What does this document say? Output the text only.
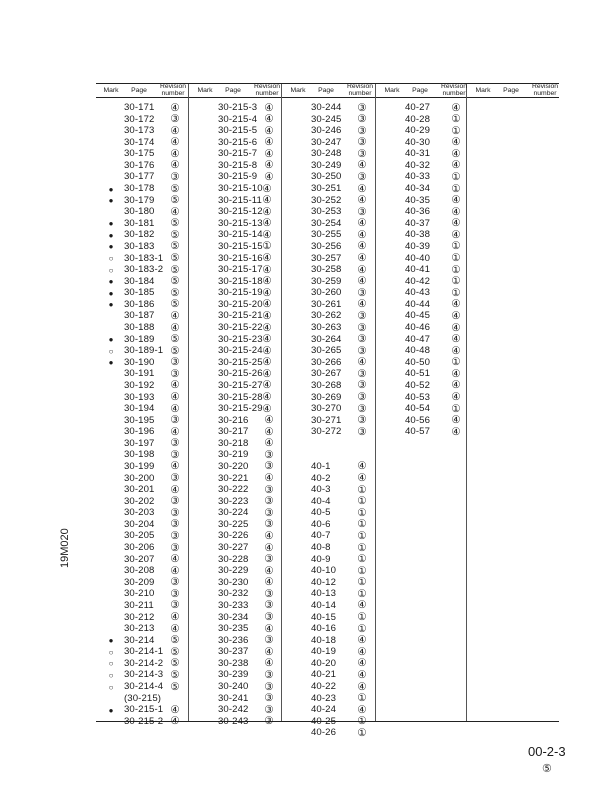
Mark	Page
Revision
number
30-171 ④
30-172 ③
30-173 ④
30-174 ④
30-175 ④
30-176 ④
30-177 ③
● 30-178 ⑤
● 30-179 ⑤
30-180 ④
● 30-181 ⑤
● 30-182 ⑤
● 30-183 ⑤
○ 30-183-1 ⑤
○ 30-183-2 ⑤
● 30-184 ⑤
● 30-185 ⑤
● 30-186 ⑤
30-187 ④
30-188 ④
● 30-189 ⑤
○ 30-189-1 ⑤
● 30-190 ③
30-191 ③
30-192 ④
30-193 ④
30-194 ④
30-195 ③
30-196 ④
30-197 ③
30-198 ③
30-199 ④
30-200 ③
30-201 ④
30-202 ③
30-203 ③
30-204 ③
30-205 ③
30-206 ③
30-207 ④
30-208 ④
30-209 ③
30-210 ③
30-211 ③
30-212 ④
30-213 ④
● 30-214 ⑤
○ 30-214-1 ⑤
○ 30-214-2 ⑤
○ 30-214-3 ⑤
○ 30-214-4 ⑤
(30-215)
● 30-215-1 ④
30-215-2 ④
Mark	Page
Revision
number
30-215-3 ④
30-215-4 ④
30-215-5 ④
30-215-6 ④
30-215-7 ④
30-215-8 ④
30-215-9 ④
30-215-10 ④
30-215-11 ④
30-215-12 ④
30-215-13 ④
30-215-14 ④
30-215-15 ①
30-215-16 ④
30-215-17 ④
30-215-18 ④
30-215-19 ④
30-215-20 ④
30-215-21 ④
30-215-22 ④
30-215-23 ④
30-215-24 ④
30-215-25 ④
30-215-26 ④
30-215-27 ④
30-215-28 ④
30-215-29 ④
30-216 ④
30-217 ④
30-218 ④
30-219 ③
30-220 ③
30-221 ④
30-222 ③
30-223 ③
30-224 ③
30-225 ③
30-226 ④
30-227 ④
30-228 ③
30-229 ④
30-230 ④
30-232 ③
30-233 ③
30-234 ③
30-235 ④
30-236 ③
30-237 ④
30-238 ④
30-239 ③
30-240 ③
30-241 ③
30-242 ③
30-243 ③
Mark	Page
Revision
number
30-244 ③
30-245 ③
30-246 ③
30-247 ③
30-248 ③
30-249 ④
30-250 ③
30-251 ④
30-252 ④
30-253 ③
30-254 ④
30-255 ④
30-256 ④
30-257 ④
30-258 ④
30-259 ④
30-260 ③
30-261 ④
30-262 ③
30-263 ③
30-264 ③
30-265 ③
30-266 ④
30-267 ③
30-268 ③
30-269 ③
30-270 ③
30-271 ③
30-272 ③
40-1	④
40-2	④
40-3	①
40-4	①
40-5	①
40-6	①
40-7	①
40-8	①
40-9	①
40-10 ①
40-12 ①
40-13 ①
40-14 ④
40-15 ①
40-16 ①
40-18 ④
40-19 ④
40-20 ④
40-21 ④
40-22 ④
40-23 ①
40-24 ④
40-25 ①
40-26 ①
Mark	Page
Revision
number
40-27 ④
40-28 ①
40-29 ①
40-30 ④
40-31 ④
40-32 ④
40-33 ①
40-34 ①
40-35 ④
40-36 ④
40-37 ④
40-38 ④
40-39 ①
40-40 ①
40-41 ①
40-42 ①
40-43 ①
40-44 ④
40-45 ④
40-46 ④
40-47 ④
40-48 ④
40-50 ①
40-51 ④
40-52 ④
40-53 ④
40-54 ①
40-56 ④
40-57 ④
Mark	Page
Revision
number
19M020
00-2-3
⑤
